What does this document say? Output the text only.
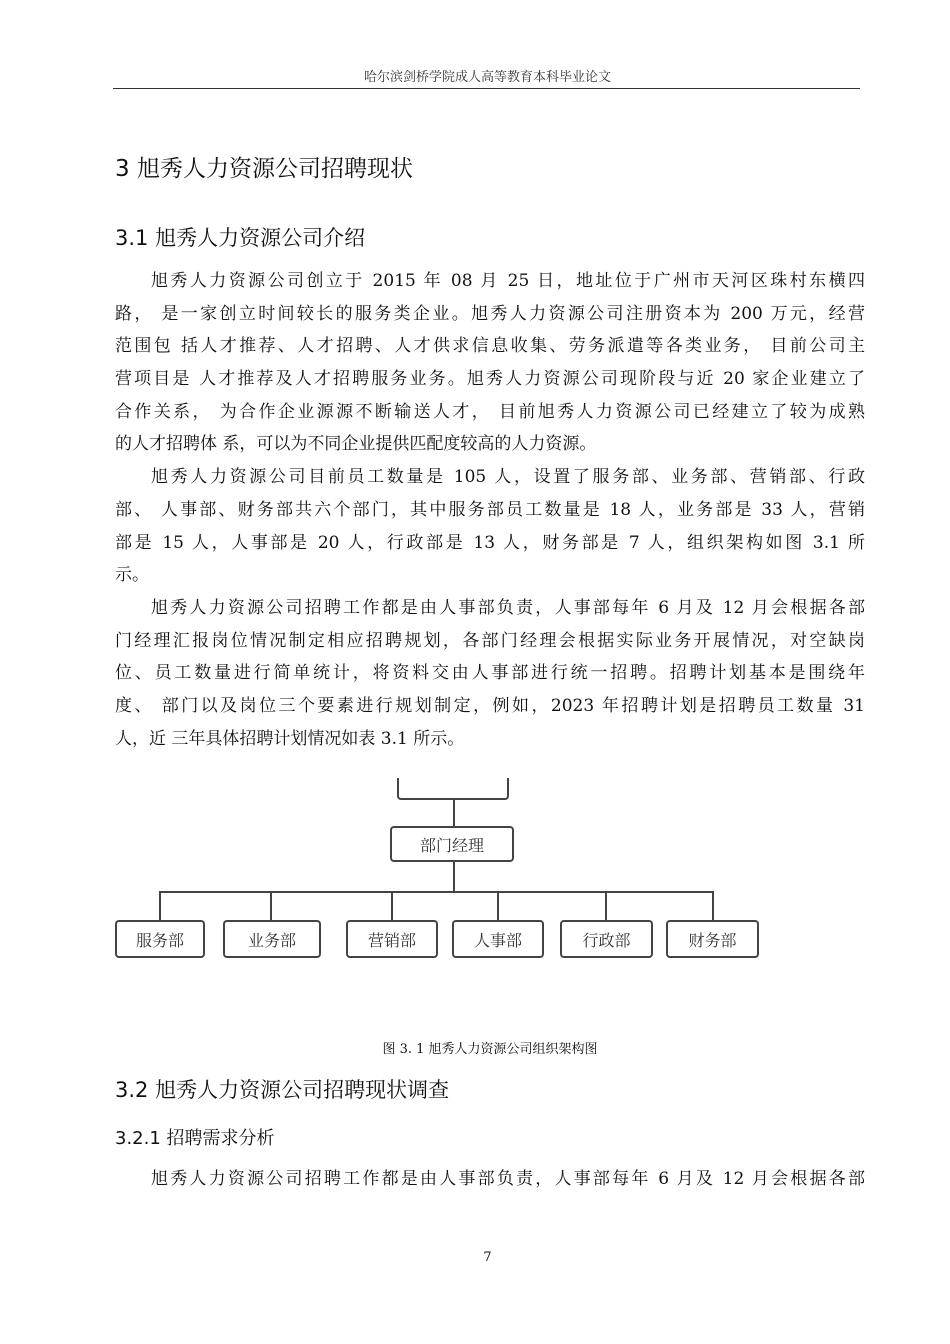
哈尔滨剑桥学院成人高等教育本科毕业论文
3 旭秀人力资源公司招聘现状
3.1 旭秀人力资源公司介绍
旭秀人力资源公司创立于 2015 年 08 月 25 日，地址位于广州市天河区珠村东横四
路， 是一家创立时间较长的服务类企业。旭秀人力资源公司注册资本为 200 万元，经营
范围包 括人才推荐、人才招聘、人才供求信息收集、劳务派遣等各类业务， 目前公司主
营项目是 人才推荐及人才招聘服务业务。旭秀人力资源公司现阶段与近 20 家企业建立了
合作关系， 为合作企业源源不断输送人才， 目前旭秀人力资源公司已经建立了较为成熟
的人才招聘体 系，可以为不同企业提供匹配度较高的人力资源。
旭秀人力资源公司目前员工数量是 105 人，设置了服务部、业务部、营销部、行政
部、 人事部、财务部共六个部门，其中服务部员工数量是 18 人，业务部是 33 人，营销
部是 15 人，人事部是 20 人，行政部是 13 人，财务部是 7 人，组织架构如图 3.1 所
示。
旭秀人力资源公司招聘工作都是由人事部负责，人事部每年 6 月及 12 月会根据各部
门经理汇报岗位情况制定相应招聘规划，各部门经理会根据实际业务开展情况，对空缺岗
位、员工数量进行简单统计，将资料交由人事部进行统一招聘。招聘计划基本是围绕年
度、 部门以及岗位三个要素进行规划制定，例如，2023 年招聘计划是招聘员工数量 31
人，近 三年具体招聘计划情况如表 3.1 所示。
部门经理
服务部	业务部	营销部	人事部	行政部	财务部
图 3. 1 旭秀人力资源公司组织架构图
3.2 旭秀人力资源公司招聘现状调查
3.2.1 招聘需求分析
旭秀人力资源公司招聘工作都是由人事部负责，人事部每年 6 月及 12 月会根据各部
7
